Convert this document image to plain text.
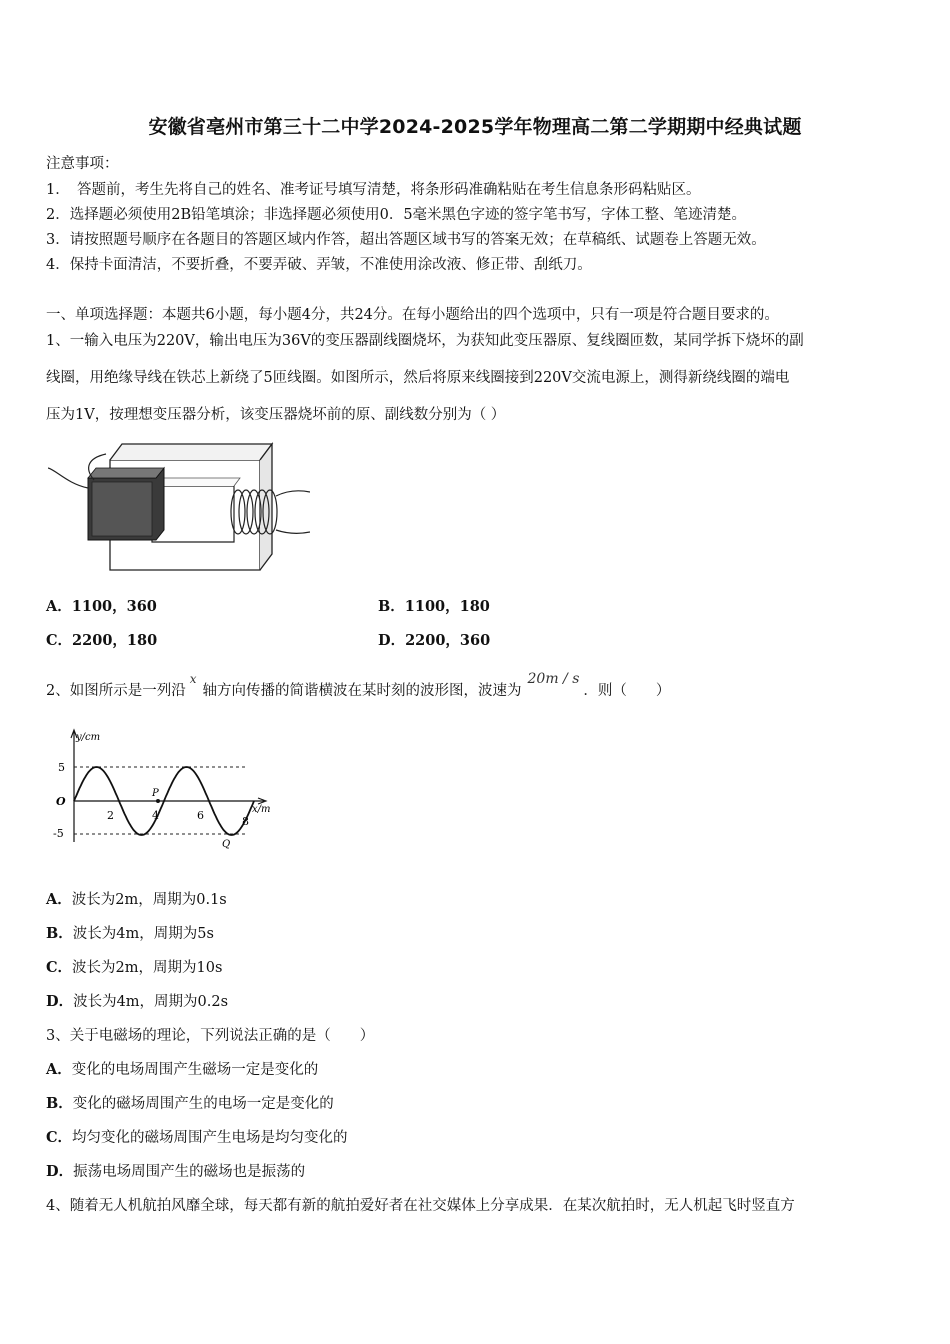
安徽省亳州市第三十二中学2024-2025学年物理高二第二学期期中经典试题
注意事项：
1．　答题前，考生先将自己的姓名、准考证号填写清楚，将条形码准确粘贴在考生信息条形码粘贴区。
2．选择题必须使用2B铅笔填涂；非选择题必须使用0．5毫米黑色字迹的签字笔书写，字体工整、笔迹清楚。
3．请按照题号顺序在各题目的答题区域内作答，超出答题区域书写的答案无效；在草稿纸、试题卷上答题无效。
4．保持卡面清洁，不要折叠，不要弄破、弄皱，不准使用涂改液、修正带、刮纸刀。
一、单项选择题：本题共6小题，每小题4分，共24分。在每小题给出的四个选项中，只有一项是符合题目要求的。
1、一输入电压为220V，输出电压为36V的变压器副线圈烧坏，为获知此变压器原、复线圈匝数，某同学拆下烧坏的副
线圈，用绝缘导线在铁芯上新绕了5匝线圈。如图所示，然后将原来线圈接到220V交流电源上，测得新绕线圈的端电
压为1V，按理想变压器分析，该变压器烧坏前的原、副线数分别为（ ）
A．1100，360	B．1100，180
C．2200，180	D．2200，360
2、如图所示是一列沿$^x$轴方向传播的简谐横波在某时刻的波形图，波速为20m / s．则（　　）
y/cm
x/m
O
5
-5
2	4	6	8
P
Q
A．波长为2m，周期为0.1s
B．波长为4m，周期为5s
C．波长为2m，周期为10s
D．波长为4m，周期为0.2s
3、关于电磁场的理论，下列说法正确的是（　　）
A．变化的电场周围产生磁场一定是变化的
B．变化的磁场周围产生的电场一定是变化的
C．均匀变化的磁场周围产生电场是均匀变化的
D．振荡电场周围产生的磁场也是振荡的
4、随着无人机航拍风靡全球，每天都有新的航拍爱好者在社交媒体上分享成果．在某次航拍时，无人机起飞时竖直方
